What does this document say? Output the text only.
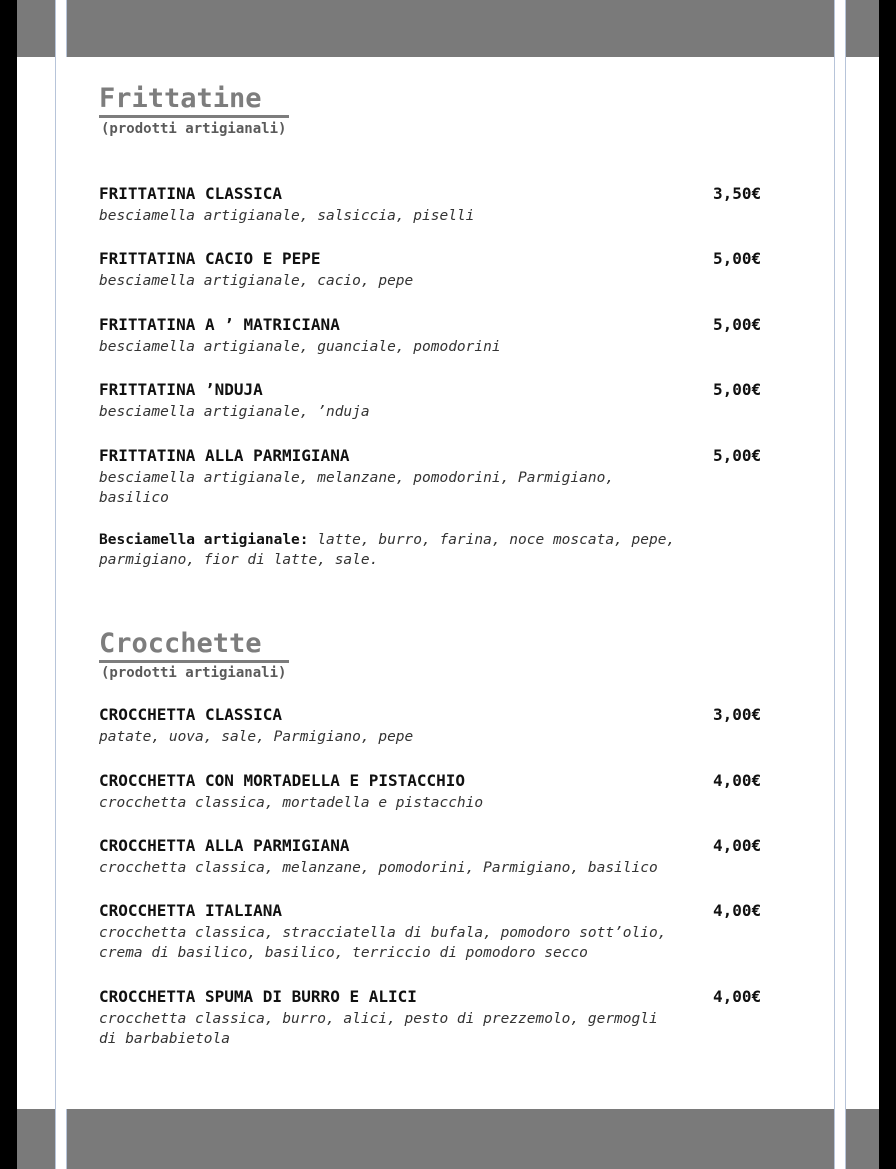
Frittatine
(prodotti artigianali)
FRITTATINA CLASSICA	3,50€
besciamella artigianale, salsiccia, piselli
FRITTATINA CACIO E PEPE	5,00€
besciamella artigianale, cacio, pepe
FRITTATINA A ’ MATRICIANA	5,00€
besciamella artigianale, guanciale, pomodorini
FRITTATINA ’NDUJA	5,00€
besciamella artigianale, ’nduja
FRITTATINA ALLA PARMIGIANA	5,00€
besciamella artigianale, melanzane, pomodorini, Parmigiano,
basilico
Besciamella artigianale: latte, burro, farina, noce moscata, pepe,
parmigiano, fior di latte, sale.
Crocchette
(prodotti artigianali)
CROCCHETTA CLASSICA	3,00€
patate, uova, sale, Parmigiano, pepe
CROCCHETTA CON MORTADELLA E PISTACCHIO	4,00€
crocchetta classica, mortadella e pistacchio
CROCCHETTA ALLA PARMIGIANA	4,00€
crocchetta classica, melanzane, pomodorini, Parmigiano, basilico
CROCCHETTA ITALIANA	4,00€
crocchetta classica, stracciatella di bufala, pomodoro sott’olio,
crema di basilico, basilico, terriccio di pomodoro secco
CROCCHETTA SPUMA DI BURRO E ALICI	4,00€
crocchetta classica, burro, alici, pesto di prezzemolo, germogli
di barbabietola
